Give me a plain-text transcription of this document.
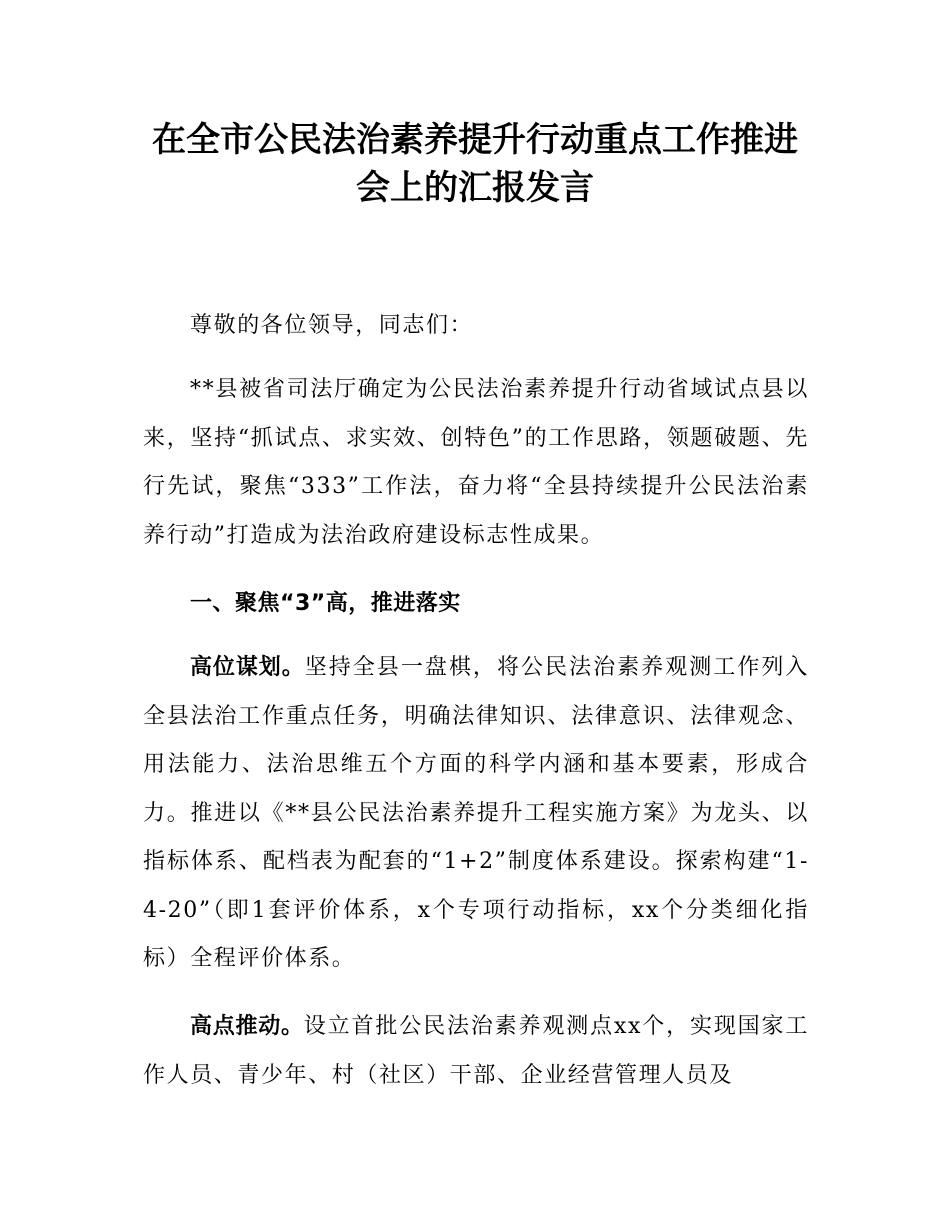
在全市公民法治素养提升行动重点工作推进
会上的汇报发言

尊敬的各位领导，同志们：

**县被省司法厅确定为公民法治素养提升行动省域试点县以来，坚持“抓试点、求实效、创特色”的工作思路，领题破题、先行先试，聚焦“333”工作法，奋力将“全县持续提升公民法治素养行动”打造成为法治政府建设标志性成果。

一、聚焦“3”高，推进落实

高位谋划。坚持全县一盘棋，将公民法治素养观测工作列入全县法治工作重点任务，明确法律知识、法律意识、法律观念、用法能力、法治思维五个方面的科学内涵和基本要素，形成合力。推进以《**县公民法治素养提升工程实施方案》为龙头、以指标体系、配档表为配套的“1+2”制度体系建设。探索构建“1-4-20”（即1套评价体系，x个专项行动指标，xx个分类细化指标）全程评价体系。

高点推动。设立首批公民法治素养观测点xx个，实现国家工作人员、青少年、村（社区）干部、企业经营管理人员及
